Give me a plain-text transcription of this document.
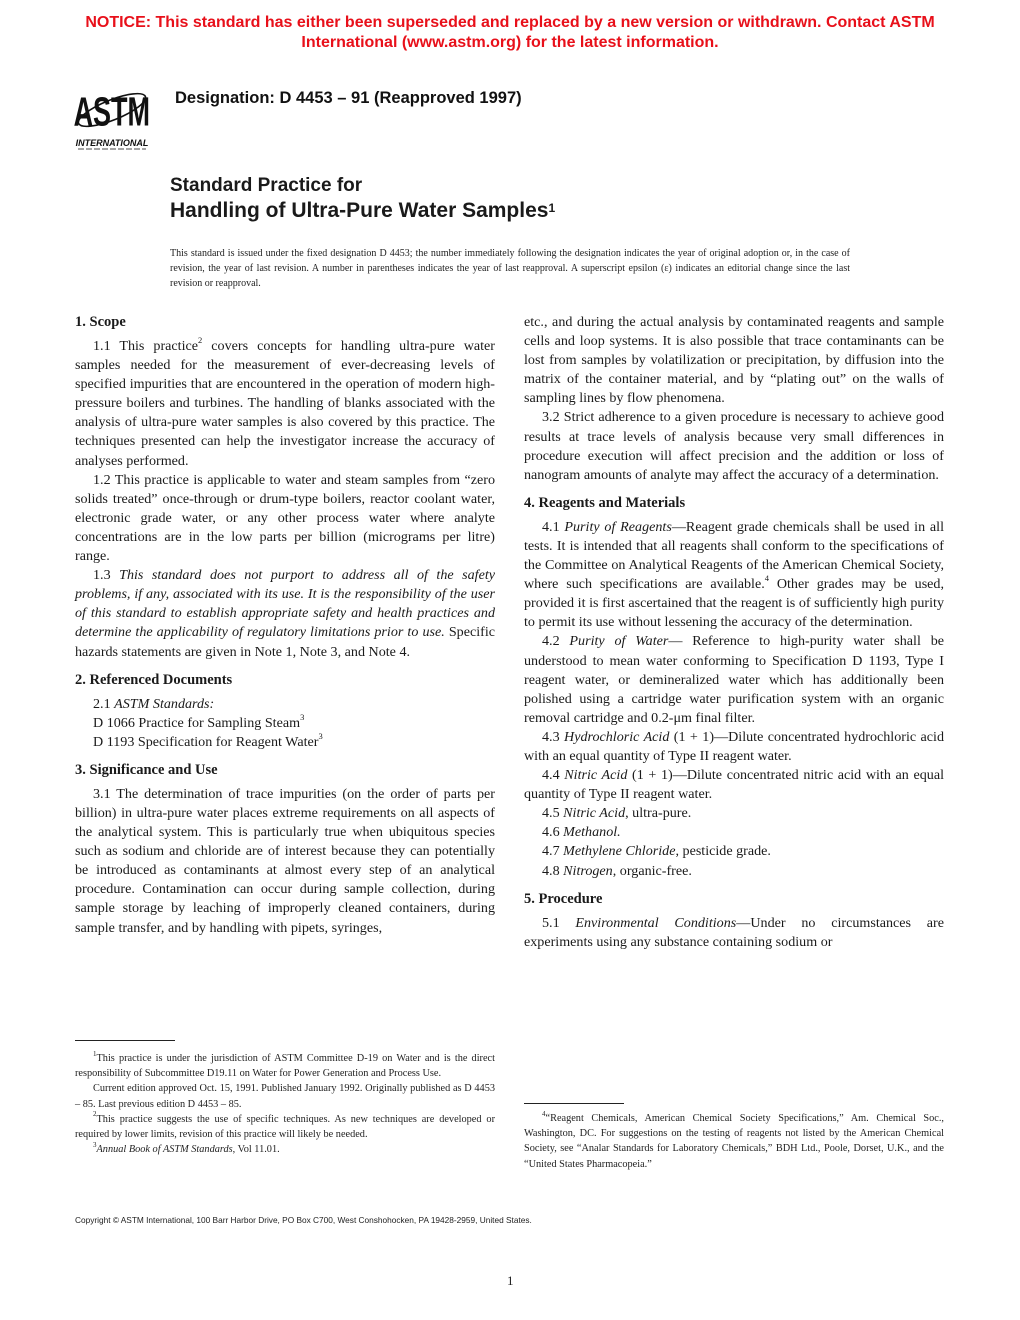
NOTICE: This standard has either been superseded and replaced by a new version or withdrawn. Contact ASTM
International (www.astm.org) for the latest information.
ASTM
INTERNATIONAL
Designation: D 4453 – 91 (Reapproved 1997)
Standard Practice for
Handling of Ultra-Pure Water Samples$^1$
This standard is issued under the fixed designation D 4453; the number immediately following the designation indicates the year of original adoption or, in the case of revision, the year of last revision. A number in parentheses indicates the year of last reapproval. A superscript epsilon (ε) indicates an editorial change since the last revision or reapproval.
1. Scope

1.1 This practice$^2$ covers concepts for handling ultra-pure water samples needed for the measurement of ever-decreasing levels of specified impurities that are encountered in the operation of modern high-pressure boilers and turbines. The handling of blanks associated with the analysis of ultra-pure water samples is also covered by this practice. The techniques presented can help the investigator increase the accuracy of analyses performed.

1.2 This practice is applicable to water and steam samples from “zero solids treated” once-through or drum-type boilers, reactor coolant water, electronic grade water, or any other process water where analyte concentrations are in the low parts per billion (micrograms per litre) range.

1.3 This standard does not purport to address all of the safety problems, if any, associated with its use. It is the responsibility of the user of this standard to establish appropriate safety and health practices and determine the applicability of regulatory limitations prior to use. Specific hazards statements are given in Note 1, Note 3, and Note 4.

2. Referenced Documents

2.1 ASTM Standards:

D 1066 Practice for Sampling Steam$^3$
D 1193 Specification for Reagent Water$^3$
3. Significance and Use

3.1 The determination of trace impurities (on the order of parts per billion) in ultra-pure water places extreme requirements on all aspects of the analytical system. This is particularly true when ubiquitous species such as sodium and chloride are of interest because they can potentially be introduced as contaminants at almost every step of an analytical procedure. Contamination can occur during sample collection, during sample storage by leaching of improperly cleaned containers, during sample transfer, and by handling with pipets, syringes,

$^1$This practice is under the jurisdiction of ASTM Committee D-19 on Water and is the direct responsibility of Subcommittee D19.11 on Water for Power Generation and Process Use.

Current edition approved Oct. 15, 1991. Published January 1992. Originally published as D 4453 – 85. Last previous edition D 4453 – 85.

$^2$This practice suggests the use of specific techniques. As new techniques are developed or required by lower limits, revision of this practice will likely be needed.

$^3$Annual Book of ASTM Standards, Vol 11.01.

etc., and during the actual analysis by contaminated reagents and sample cells and loop systems. It is also possible that trace contaminants can be lost from samples by volatilization or precipitation, by diffusion into the matrix of the container material, and by “plating out” on the walls of sampling lines by flow phenomena.

3.2 Strict adherence to a given procedure is necessary to achieve good results at trace levels of analysis because very small differences in procedure execution will affect precision and the addition or loss of nanogram amounts of analyte may affect the accuracy of a determination.

4. Reagents and Materials

4.1 Purity of Reagents—Reagent grade chemicals shall be used in all tests. It is intended that all reagents shall conform to the specifications of the Committee on Analytical Reagents of the American Chemical Society, where such specifications are available.$^4$ Other grades may be used, provided it is first ascertained that the reagent is of sufficiently high purity to permit its use without lessening the accuracy of the determination.

4.2 Purity of Water— Reference to high-purity water shall be understood to mean water conforming to Specification D 1193, Type I reagent water, or demineralized water which has additionally been polished using a cartridge water purification system with an organic removal cartridge and 0.2-μm final filter.

4.3 Hydrochloric Acid (1 + 1)—Dilute concentrated hydrochloric acid with an equal quantity of Type II reagent water.

4.4 Nitric Acid (1 + 1)—Dilute concentrated nitric acid with an equal quantity of Type II reagent water.

4.5 Nitric Acid, ultra-pure.

4.6 Methanol.

4.7 Methylene Chloride, pesticide grade.

4.8 Nitrogen, organic-free.

5. Procedure

5.1 Environmental Conditions—Under no circumstances are experiments using any substance containing sodium or

$^4$“Reagent Chemicals, American Chemical Society Specifications,” Am. Chemical Soc., Washington, DC. For suggestions on the testing of reagents not listed by the American Chemical Society, see “Analar Standards for Laboratory Chemicals,” BDH Ltd., Poole, Dorset, U.K., and the “United States Pharmacopeia.”

Copyright © ASTM International, 100 Barr Harbor Drive, PO Box C700, West Conshohocken, PA 19428-2959, United States.
1
